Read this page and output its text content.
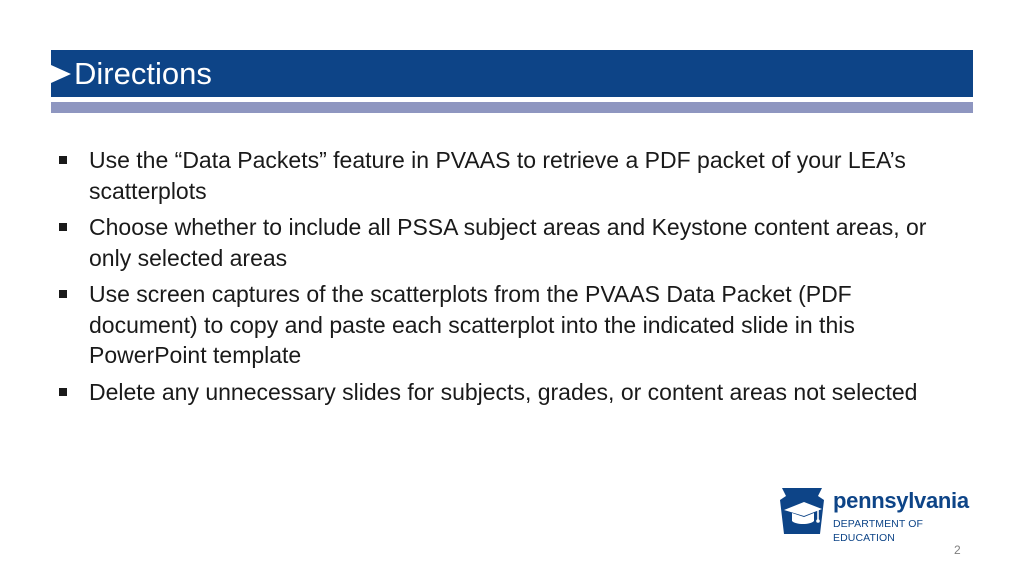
Directions
Use the “Data Packets” feature in PVAAS to retrieve a PDF packet of your LEA’s scatterplots
Choose whether to include all PSSA subject areas and Keystone content areas, or only selected areas
Use screen captures of the scatterplots from the PVAAS Data Packet (PDF document) to copy and paste each scatterplot into the indicated slide in this PowerPoint template
Delete any unnecessary slides for subjects, grades, or content areas not selected
pennsylvania
DEPARTMENT OF EDUCATION
2
